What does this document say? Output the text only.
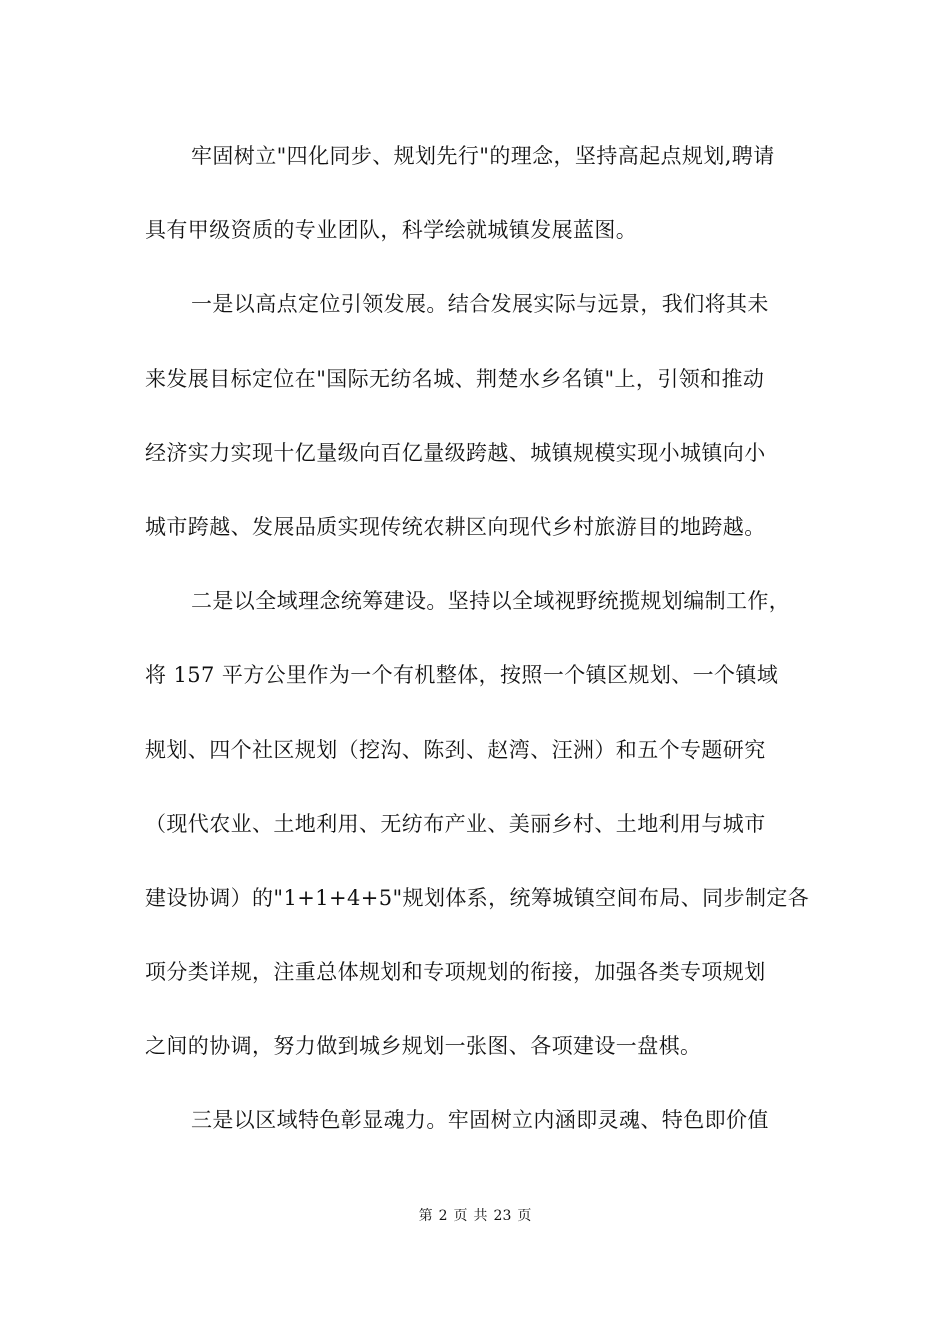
牢固树立"四化同步、规划先行"的理念，坚持高起点规划,聘请
具有甲级资质的专业团队，科学绘就城镇发展蓝图。
一是以高点定位引领发展。结合发展实际与远景，我们将其未
来发展目标定位在"国际无纺名城、荆楚水乡名镇"上，引领和推动
经济实力实现十亿量级向百亿量级跨越、城镇规模实现小城镇向小
城市跨越、发展品质实现传统农耕区向现代乡村旅游目的地跨越。
二是以全域理念统筹建设。坚持以全域视野统揽规划编制工作，
将 157 平方公里作为一个有机整体，按照一个镇区规划、一个镇域
规划、四个社区规划（挖沟、陈刭、赵湾、汪洲）和五个专题研究
（现代农业、土地利用、无纺布产业、美丽乡村、土地利用与城市
建设协调）的"1+1+4+5"规划体系，统筹城镇空间布局、同步制定各
项分类详规，注重总体规划和专项规划的衔接，加强各类专项规划
之间的协调，努力做到城乡规划一张图、各项建设一盘棋。
三是以区域特色彰显魂力。牢固树立内涵即灵魂、特色即价值
第 2 页 共 23 页
